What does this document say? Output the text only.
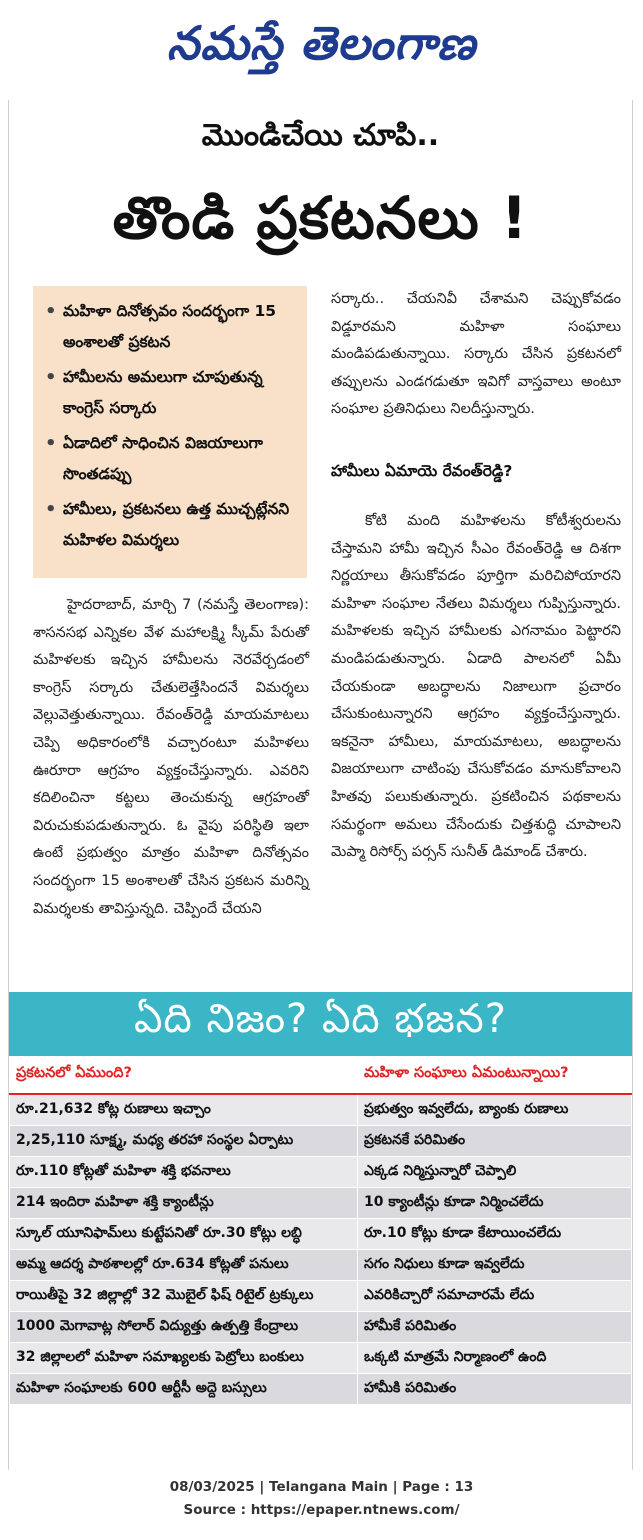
నమస్తే తెలంగాణ
మొండిచేయి చూపి..
తొండి ప్రకటనలు !
• మహిళా దినోత్సవం సందర్భంగా 15 అంశాలతో ప్రకటన
• హామీలను అమలుగా చూపుతున్న కాంగ్రెస్ సర్కారు
• ఏడాదిలో సాధించిన విజయాలుగా సొంతడప్పు
• హామీలు, ప్రకటనలు ఉత్త ముచ్చట్లేనని మహిళల విమర్శలు

హైదరాబాద్, మార్చి 7 (నమస్తే తెలంగాణ): శాసనసభ ఎన్నికల వేళ మహాలక్ష్మి స్కీమ్ పేరుతో మహిళలకు ఇచ్చిన హామీలను నెరవేర్చడంలో కాంగ్రెస్ సర్కారు చేతులెత్తేసిందనే విమర్శలు వెల్లువెత్తుతున్నాయి. రేవంత్‌రెడ్డి మాయమాటలు చెప్పి అధికారంలోకి వచ్చారంటూ మహిళలు ఊరూరా ఆగ్రహం వ్యక్తంచేస్తున్నారు. ఎవరిని కదిలించినా కట్టలు తెంచుకున్న ఆగ్రహంతో విరుచుకుపడుతున్నారు. ఓ వైపు పరిస్థితి ఇలా ఉంటే ప్రభుత్వం మాత్రం మహిళా దినోత్సవం సందర్భంగా 15 అంశాలతో చేసిన ప్రకటన మరిన్ని విమర్శలకు తావిస్తున్నది. చెప్పిందే చేయని

సర్కారు.. చేయనివీ చేశామని చెప్పుకోవడం విడ్డూరమని మహిళా సంఘాలు మండిపడుతున్నాయి. సర్కారు చేసిన ప్రకటనలో తప్పులను ఎండగడుతూ ఇవిగో వాస్తవాలు అంటూ సంఘాల ప్రతినిధులు నిలదీస్తున్నారు.

హామీలు ఏమాయె రేవంత్‌రెడ్డి?

కోటి మంది మహిళలను కోటీశ్వరులను చేస్తామని హామీ ఇచ్చిన సీఎం రేవంత్‌రెడ్డి ఆ దిశగా నిర్ణయాలు తీసుకోవడం పూర్తిగా మరిచిపోయారని మహిళా సంఘాల నేతలు విమర్శలు గుప్పిస్తున్నారు. మహిళలకు ఇచ్చిన హామీలకు ఎగనామం పెట్టారని మండిపడుతున్నారు. ఏడాది పాలనలో ఏమీ చేయకుండా అబద్ధాలను నిజాలుగా ప్రచారం చేసుకుంటున్నారని ఆగ్రహం వ్యక్తంచేస్తున్నారు. ఇకనైనా హామీలు, మాయమాటలు, అబద్ధాలను విజయాలుగా చాటింపు చేసుకోవడం మానుకోవాలని హితవు పలుకుతున్నారు. ప్రకటించిన పథకాలను సమర్థంగా అమలు చేసేందుకు చిత్తశుద్ధి చూపాలని మెప్మా రిసోర్స్ పర్సన్ సునీత్ డిమాండ్ చేశారు.

ఏది నిజం? ఏది భజన?
ప్రకటనలో ఏముంది?	మహిళా సంఘాలు ఏమంటున్నాయి?
రూ.21,632 కోట్ల రుణాలు ఇచ్చాం	ప్రభుత్వం ఇవ్వలేదు, బ్యాంకు రుణాలు
2,25,110 సూక్ష్మ, మధ్య తరహా సంస్థల ఏర్పాటు	ప్రకటనకే పరిమితం
రూ.110 కోట్లతో మహిళా శక్తి భవనాలు	ఎక్కడ నిర్మిస్తున్నారో చెప్పాలి
214 ఇందిరా మహిళా శక్తి క్యాంటీన్లు	10 క్యాంటీన్లు కూడా నిర్మించలేదు
స్కూల్ యూనిఫామ్‌లు కుట్టేపనితో రూ.30 కోట్లు లబ్ధి	రూ.10 కోట్లు కూడా కేటాయించలేదు
అమ్మ ఆదర్శ పాఠశాలల్లో రూ.634 కోట్లతో పనులు	సగం నిధులు కూడా ఇవ్వలేదు
రాయితీపై 32 జిల్లాల్లో 32 మొబైల్ ఫిష్ రిటైల్ ట్రక్కులు	ఎవరికిచ్చారో సమాచారమే లేదు
1000 మెగావాట్ల సోలార్ విద్యుత్తు ఉత్పత్తి కేంద్రాలు	హామీకే పరిమితం
32 జిల్లాలలో మహిళా సమాఖ్యలకు పెట్రోలు బంకులు	ఒక్కటి మాత్రమే నిర్మాణంలో ఉంది
మహిళా సంఘాలకు 600 ఆర్టీసీ అద్దె బస్సులు	హామీకి పరిమితం
08/03/2025 | Telangana Main | Page : 13
Source : https://epaper.ntnews.com/
